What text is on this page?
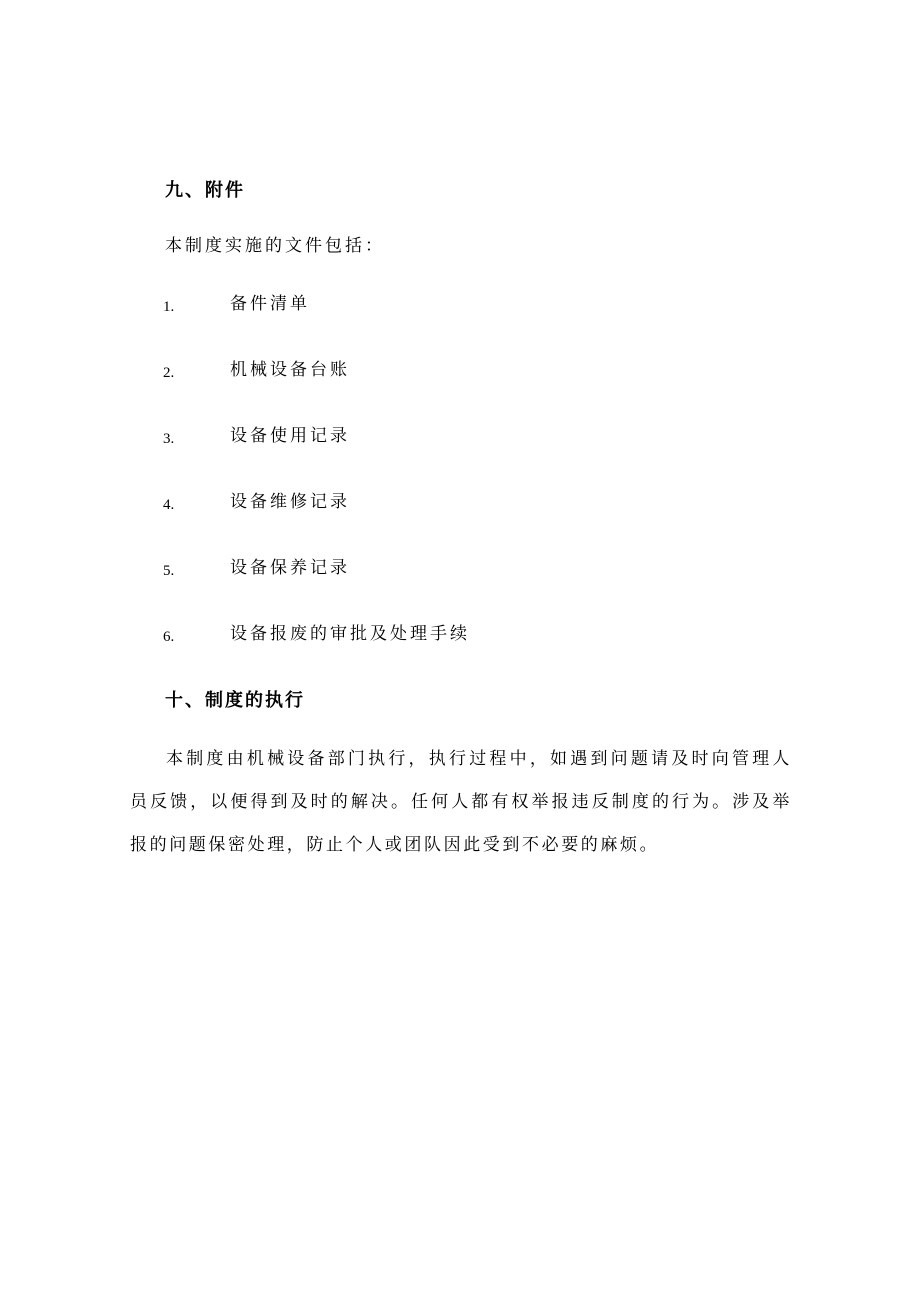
九、附件
本制度实施的文件包括：
1.	备件清单
2.	机械设备台账
3.	设备使用记录
4.	设备维修记录
5.	设备保养记录
6.	设备报废的审批及处理手续
十、制度的执行

本制度由机械设备部门执行，执行过程中，如遇到问题请及时向管理人员反馈，以便得到及时的解决。任何人都有权举报违反制度的行为。涉及举报的问题保密处理，防止个人或团队因此受到不必要的麻烦。
